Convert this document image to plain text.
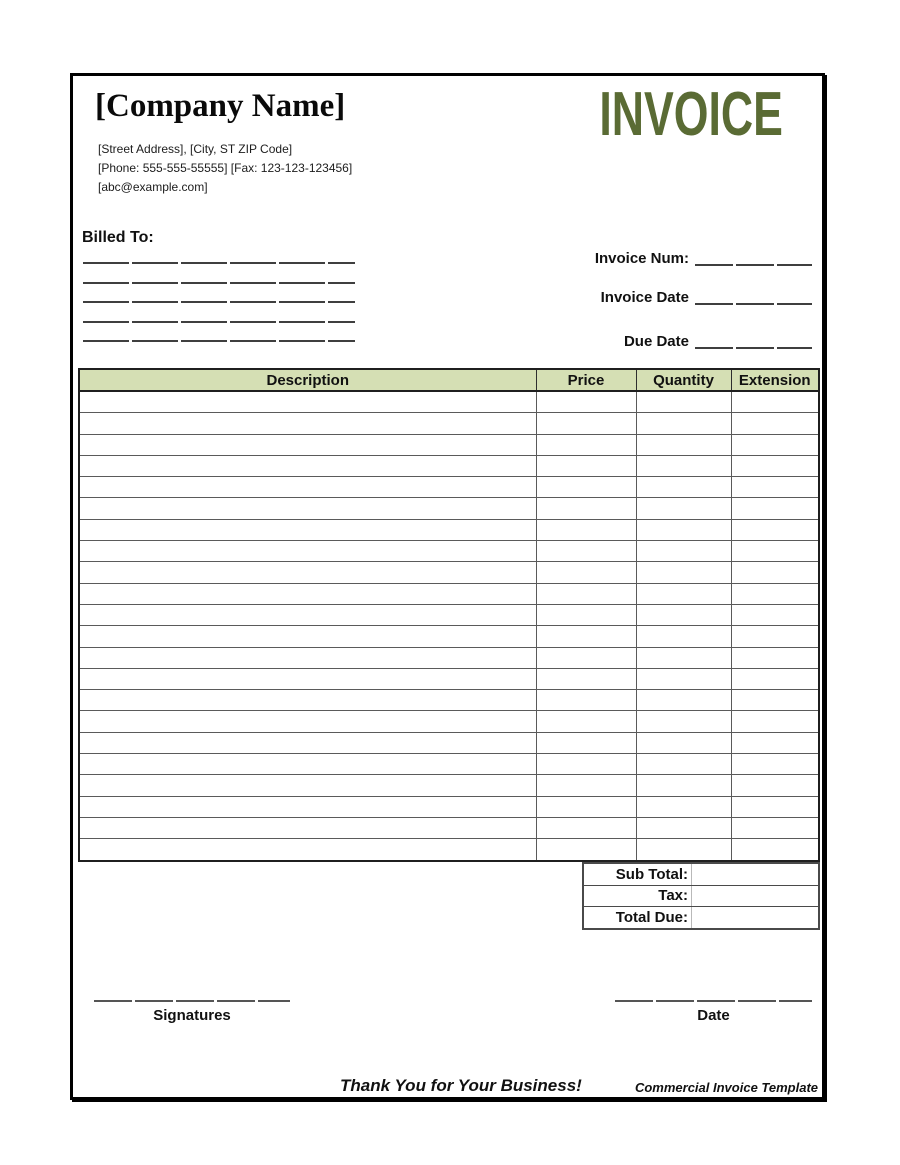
[Company Name]
[Street Address], [City, ST ZIP Code]
[Phone: 555-555-55555] [Fax: 123-123-123456]
[abc@example.com]
INVOICE
Billed To:
Invoice Num:
Invoice Date
Due Date
Description	Price	Quantity	Extension

Sub Total:	
Tax:	
Total Due:	
Signatures	Date
Thank You for Your Business!	Commercial Invoice Template
